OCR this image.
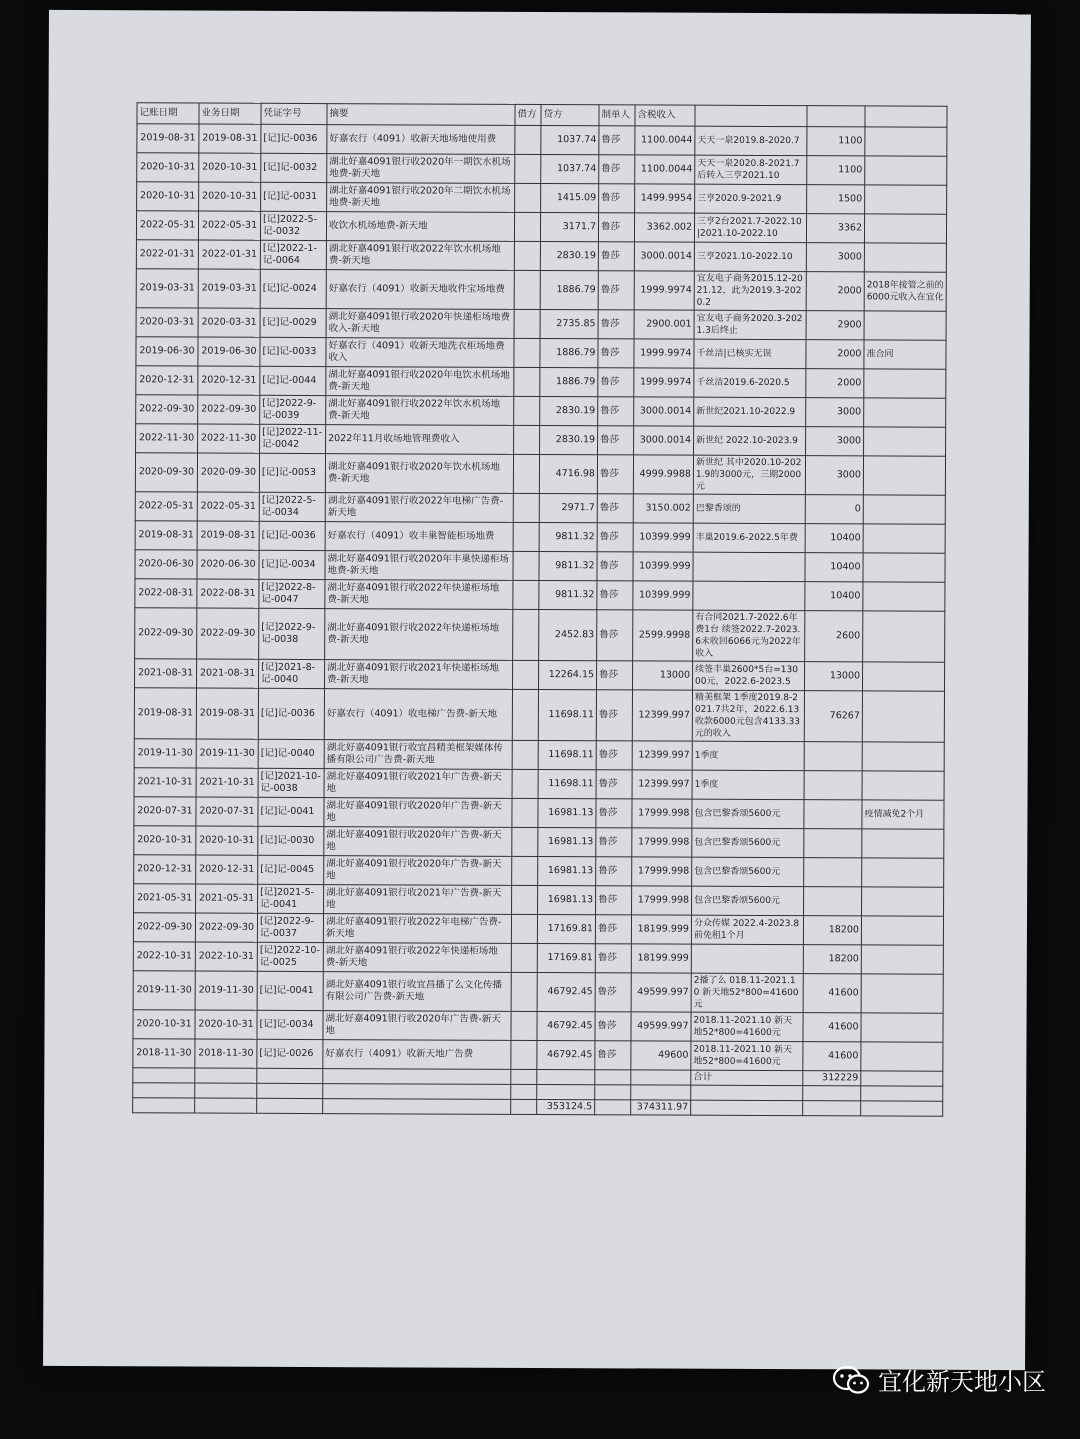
记账日期	业务日期	凭证字号	摘要	借方	贷方	制单人	含税收入			
2019-08-31	2019-08-31	[记]记-0036	好嘉农行（4091）收新天地场地使用费		1037.74	鲁莎	1100.0044	天天一泉2019.8-2020.7	1100	
2020-10-31	2020-10-31	[记]记-0032	湖北好嘉4091银行收2020年一期饮水机场地费-新天地		1037.74	鲁莎	1100.0044	天天一泉2020.8-2021.7后转入三亨2021.10	1100	
2020-10-31	2020-10-31	[记]记-0031	湖北好嘉4091银行收2020年二期饮水机场地费-新天地		1415.09	鲁莎	1499.9954	三亨2020.9-2021.9	1500	
2022-05-31	2022-05-31	[记]2022-5-记-0032	收饮水机场地费-新天地		3171.7	鲁莎	3362.002	三亨2台2021.7-2022.10|2021.10-2022.10	3362	
2022-01-31	2022-01-31	[记]2022-1-记-0064	湖北好嘉4091银行收2022年饮水机场地费-新天地		2830.19	鲁莎	3000.0014	三亨2021.10-2022.10	3000	
2019-03-31	2019-03-31	[记]记-0024	好嘉农行（4091）收新天地收件宝场地费		1886.79	鲁莎	1999.9974	宜友电子商务2015.12-2021.12，此为2019.3-2020.2	2000	2018年接管之前的6000元收入在宜化
2020-03-31	2020-03-31	[记]记-0029	湖北好嘉4091银行收2020年快递柜场地费收入-新天地		2735.85	鲁莎	2900.001	宜友电子商务2020.3-2021.3后终止	2900	
2019-06-30	2019-06-30	[记]记-0033	好嘉农行（4091）收新天地洗衣柜场地费收入		1886.79	鲁莎	1999.9974	千丝洁|已核实无误	2000	准合同
2020-12-31	2020-12-31	[记]记-0044	湖北好嘉4091银行收2020年电饮水机场地费-新天地		1886.79	鲁莎	1999.9974	千丝洁2019.6-2020.5	2000	
2022-09-30	2022-09-30	[记]2022-9-记-0039	湖北好嘉4091银行收2022年饮水机场地费-新天地		2830.19	鲁莎	3000.0014	新世纪2021.10-2022.9	3000	
2022-11-30	2022-11-30	[记]2022-11-记-0042	2022年11月收场地管理费收入		2830.19	鲁莎	3000.0014	新世纪 2022.10-2023.9	3000	
2020-09-30	2020-09-30	[记]记-0053	湖北好嘉4091银行收2020年饮水机场地费-新天地		4716.98	鲁莎	4999.9988	新世纪 其中2020.10-2021.9的3000元，三期2000元	3000	
2022-05-31	2022-05-31	[记]2022-5-记-0034	湖北好嘉4091银行收2022年电梯广告费-新天地		2971.7	鲁莎	3150.002	巴黎香颂的	0	
2019-08-31	2019-08-31	[记]记-0036	好嘉农行（4091）收丰巢智能柜场地费		9811.32	鲁莎	10399.999	丰巢2019.6-2022.5年费	10400	
2020-06-30	2020-06-30	[记]记-0034	湖北好嘉4091银行收2020年丰巢快递柜场地费-新天地		9811.32	鲁莎	10399.999		10400	
2022-08-31	2022-08-31	[记]2022-8-记-0047	湖北好嘉4091银行收2022年快递柜场地费-新天地		9811.32	鲁莎	10399.999		10400	
2022-09-30	2022-09-30	[记]2022-9-记-0038	湖北好嘉4091银行收2022年快递柜场地费-新天地		2452.83	鲁莎	2599.9998	有合同2021.7-2022.6年费1台 续签2022.7-2023.6未收回6066元为2022年收入	2600	
2021-08-31	2021-08-31	[记]2021-8-记-0040	湖北好嘉4091银行收2021年快递柜场地费-新天地		12264.15	鲁莎	13000	续签丰巢2600*5台=13000元，2022.6-2023.5	13000	
2019-08-31	2019-08-31	[记]记-0036	好嘉农行（4091）收电梯广告费-新天地		11698.11	鲁莎	12399.997	精美框架 1季度2019.8-2021.7共2年，2022.6.13收款6000元包含4133.33元的收入	76267	
2019-11-30	2019-11-30	[记]记-0040	湖北好嘉4091银行收宜昌精美框架媒体传播有限公司广告费-新天地		11698.11	鲁莎	12399.997	1季度		
2021-10-31	2021-10-31	[记]2021-10-记-0038	湖北好嘉4091银行收2021年广告费-新天地		11698.11	鲁莎	12399.997	1季度		
2020-07-31	2020-07-31	[记]记-0041	湖北好嘉4091银行收2020年广告费-新天地		16981.13	鲁莎	17999.998	包含巴黎香颂5600元		疫情减免2个月
2020-10-31	2020-10-31	[记]记-0030	湖北好嘉4091银行收2020年广告费-新天地		16981.13	鲁莎	17999.998	包含巴黎香颂5600元		
2020-12-31	2020-12-31	[记]记-0045	湖北好嘉4091银行收2020年广告费-新天地		16981.13	鲁莎	17999.998	包含巴黎香颂5600元		
2021-05-31	2021-05-31	[记]2021-5-记-0041	湖北好嘉4091银行收2021年广告费-新天地		16981.13	鲁莎	17999.998	包含巴黎香颂5600元		
2022-09-30	2022-09-30	[记]2022-9-记-0037	湖北好嘉4091银行收2022年电梯广告费-新天地		17169.81	鲁莎	18199.999	分众传媒 2022.4-2023.8前免租1个月	18200	
2022-10-31	2022-10-31	[记]2022-10-记-0025	湖北好嘉4091银行收2022年快递柜场地费-新天地		17169.81	鲁莎	18199.999		18200	
2019-11-30	2019-11-30	[记]记-0041	湖北好嘉4091银行收宜昌播了么文化传播有限公司广告费-新天地		46792.45	鲁莎	49599.997	2播了么 018.11-2021.10 新天地52*800=41600元	41600	
2020-10-31	2020-10-31	[记]记-0034	湖北好嘉4091银行收2020年广告费-新天地		46792.45	鲁莎	49599.997	2018.11-2021.10 新天地52*800=41600元	41600	
2018-11-30	2018-11-30	[记]记-0026	好嘉农行（4091）收新天地广告费		46792.45	鲁莎	49600	2018.11-2021.10 新天地52*800=41600元	41600	
								合计	312229	

					353124.5		374311.97			
宜化新天地小区
